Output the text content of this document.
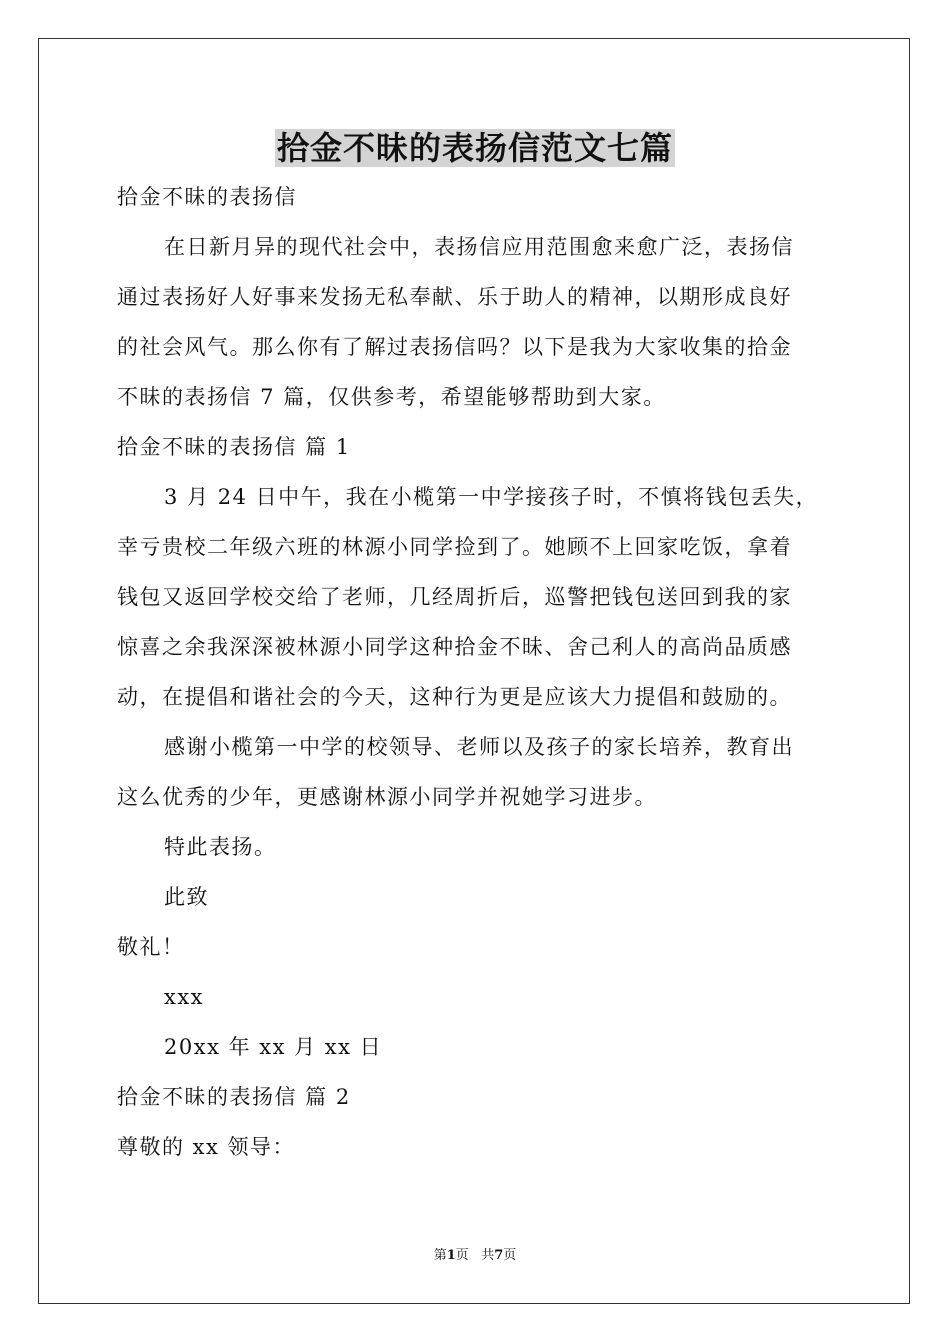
拾金不昧的表扬信范文七篇
拾金不昧的表扬信
在日新月异的现代社会中，表扬信应用范围愈来愈广泛，表扬信
通过表扬好人好事来发扬无私奉献、乐于助人的精神，以期形成良好
的社会风气。那么你有了解过表扬信吗？以下是我为大家收集的拾金
不昧的表扬信 7 篇，仅供参考，希望能够帮助到大家。
拾金不昧的表扬信 篇 1
3 月 24 日中午，我在小榄第一中学接孩子时，不慎将钱包丢失，
幸亏贵校二年级六班的林源小同学捡到了。她顾不上回家吃饭，拿着
钱包又返回学校交给了老师，几经周折后，巡警把钱包送回到我的家
惊喜之余我深深被林源小同学这种拾金不昧、舍己利人的高尚品质感
动，在提倡和谐社会的今天，这种行为更是应该大力提倡和鼓励的。
感谢小榄第一中学的校领导、老师以及孩子的家长培养，教育出
这么优秀的少年，更感谢林源小同学并祝她学习进步。
特此表扬。
此致
敬礼！
xxx
20xx 年 xx 月 xx 日
拾金不昧的表扬信 篇 2
尊敬的 xx 领导：
第1页 共7页
